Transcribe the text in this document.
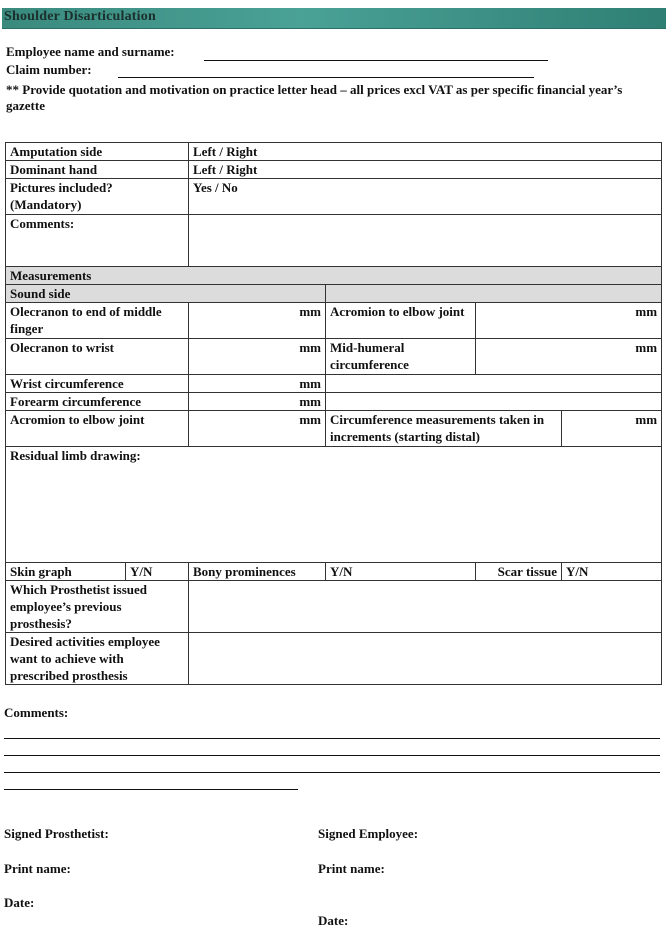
Shoulder Disarticulation
Employee name and surname:
Claim number:
** Provide quotation and motivation on practice letter head – all prices excl VAT as per specific financial year’s gazette
Amputation side		Left / Right			
Dominant hand		Left / Right			
Pictures included? (Mandatory)		Yes / No			
Comments:					
Measurements					
Sound side					
Olecranon to end of middle finger		mm	Acromion to elbow joint	mm	
Olecranon to wrist		mm	Mid-humeral circumference	mm	
Wrist circumference		mm			
Forearm circumference		mm			
Acromion to elbow joint		mm	Circumference measurements taken in increments (starting distal)		mm
Residual limb drawing:					
Skin graph	Y/N	Bony prominences	Y/N	Scar tissue	Y/N
Which Prosthetist issued employee’s previous prosthesis?					
Desired activities employee want to achieve with prescribed prosthesis					
Comments:
Signed Prosthetist:	Signed Employee:
Print name:	Print name:
Date:
Date:
